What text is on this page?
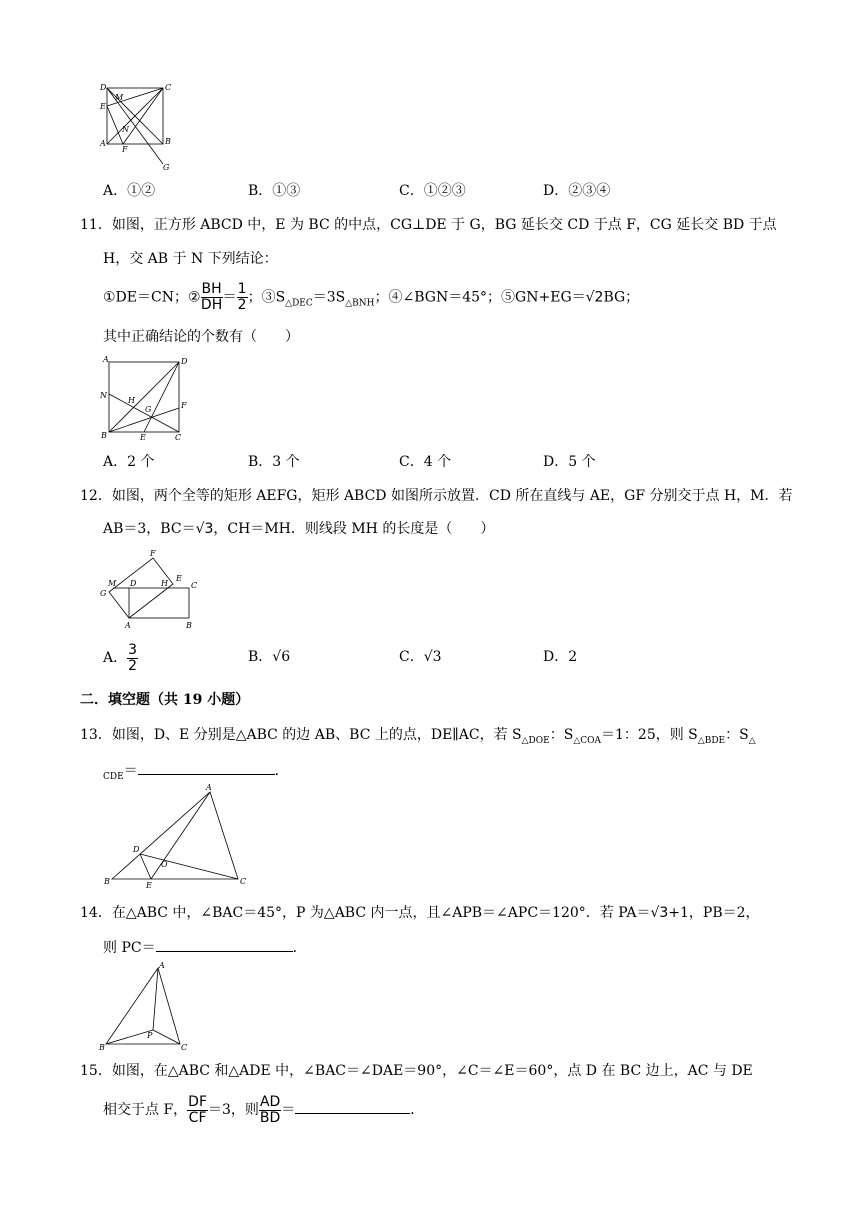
D	C
E
M
N
A
F
B
G
A．①②	B．①③	C．①②③	D．②③④
11．如图，正方形 ABCD 中，E 为 BC 的中点，CG⊥DE 于 G，BG 延长交 CD 于点 F，CG 延长交 BD 于点
H，交 AB 于 N 下列结论：
①DE＝CN；② $\frac{BH}{DH} = \frac{1}{2}$ ；$③S_{\triangle DEC}=3S_{\triangle BNH}$；④∠BGN＝45°；⑤GN+EG＝√2BG；
其中正确结论的个数有（　　）
A	D
N
H
G	F
B	E	C
A．2 个	B．3 个	C．4 个	D．5 个
12．如图，两个全等的矩形 AEFG，矩形 ABCD 如图所示放置．CD 所在直线与 AE，GF 分别交于点 H，M．若
AB＝3，BC＝√3，CH＝MH．则线段 MH 的长度是（　　）
F
M D	H
E
C
G
A	B
A． $\frac{3}{2}$	B．√6	C．√3	D．2
二．填空题（共 19 小题）
13．如图，D、E 分别是△ABC 的边 AB、BC 上的点，DE∥AC，若 $S_{\triangle DOE}$：$S_{\triangle COA}=1$：25，则 $S_{\triangle BDE}$：$S_\triangle$
$_{CDE}$＝	．
A
D
O
B	E	C
14．在△ABC 中，∠BAC＝45°，P 为△ABC 内一点，且∠APB＝∠APC＝120°．若 PA＝√3+1，PB＝2，
则 PC＝	．
A
P
B	C
15．如图，在△ABC 和△ADE 中，∠BAC＝∠DAE＝90°，∠C＝∠E＝60°，点 D 在 BC 边上，AC 与 DE
相交于点 F， $\frac{DF}{CF} =3$，则 $\frac{AD}{BD}$ ＝	．
